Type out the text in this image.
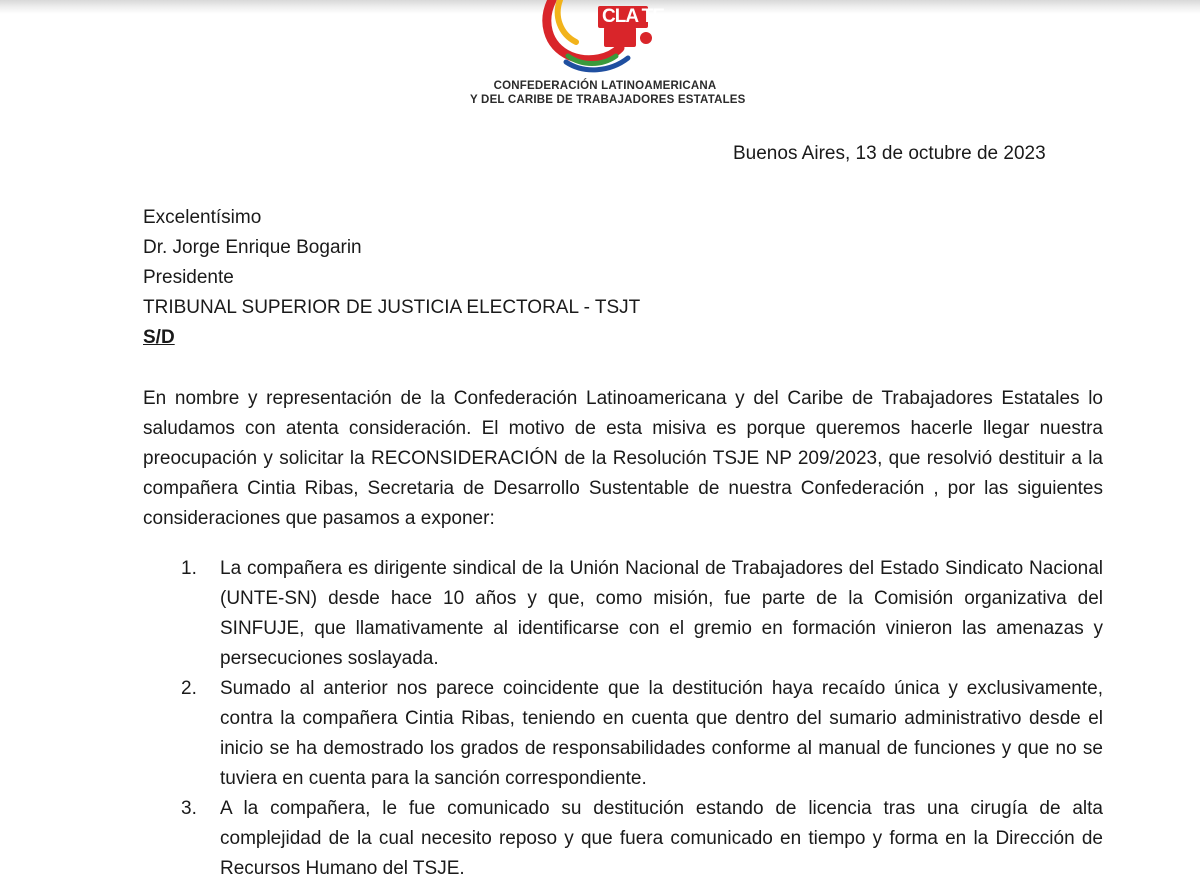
CLA TE
CONFEDERACIÓN LATINOAMERICANA
Y DEL CARIBE DE TRABAJADORES ESTATALES
Buenos Aires, 13 de octubre de 2023
Excelentísimo
Dr. Jorge Enrique Bogarin
Presidente
TRIBUNAL SUPERIOR DE JUSTICIA ELECTORAL - TSJT
S/D
En nombre y representación de la Confederación Latinoamericana y del Caribe de Trabajadores Estatales lo saludamos con atenta consideración. El motivo de esta misiva es porque queremos hacerle llegar nuestra preocupación y solicitar la RECONSIDERACIÓN de la Resolución TSJE NP 209/2023, que resolvió destituir a la compañera Cintia Ribas, Secretaria de Desarrollo Sustentable de nuestra Confederación , por las siguientes consideraciones que pasamos a exponer:
1. La compañera es dirigente sindical de la Unión Nacional de Trabajadores del Estado Sindicato Nacional (UNTE-SN) desde hace 10 años y que, como misión, fue parte de la Comisión organizativa del SINFUJE, que llamativamente al identificarse con el gremio en formación vinieron las amenazas y persecuciones soslayada.
2. Sumado al anterior nos parece coincidente que la destitución haya recaído única y exclusivamente, contra la compañera Cintia Ribas, teniendo en cuenta que dentro del sumario administrativo desde el inicio se ha demostrado los grados de responsabilidades conforme al manual de funciones y que no se tuviera en cuenta para la sanción correspondiente.
3. A la compañera, le fue comunicado su destitución estando de licencia tras una cirugía de alta complejidad de la cual necesito reposo y que fuera comunicado en tiempo y forma en la Dirección de Recursos Humano del TSJE.
